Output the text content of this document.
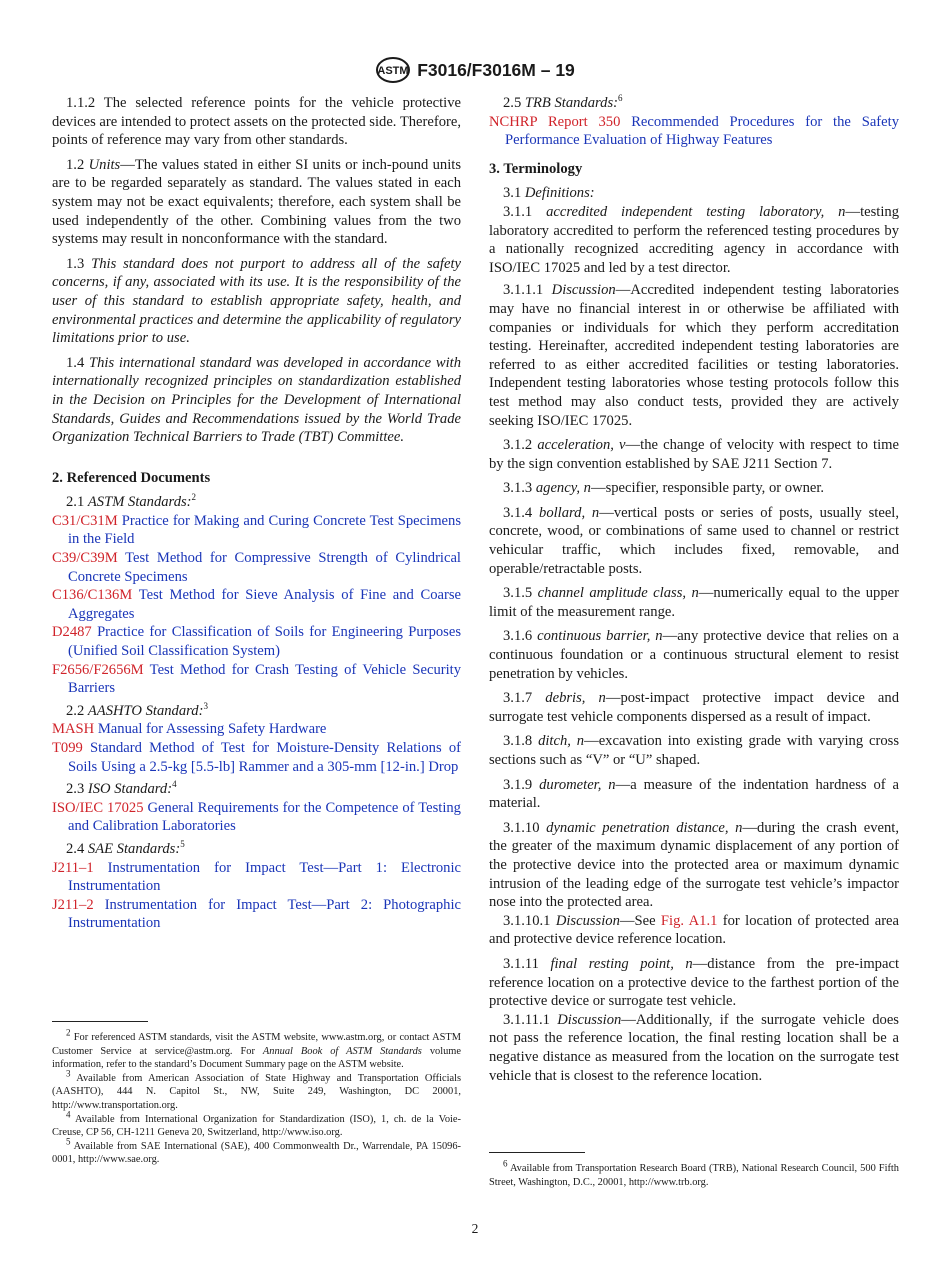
ASTM F3016/F3016M – 19

1.1.2 The selected reference points for the vehicle protective devices are intended to protect assets on the protected side. Therefore, points of reference may vary from other standards.

1.2 Units—The values stated in either SI units or inch-pound units are to be regarded separately as standard. The values stated in each system may not be exact equivalents; therefore, each system shall be used independently of the other. Combining values from the two systems may result in nonconformance with the standard.

1.3 This standard does not purport to address all of the safety concerns, if any, associated with its use. It is the responsibility of the user of this standard to establish appropriate safety, health, and environmental practices and determine the applicability of regulatory limitations prior to use.

1.4 This international standard was developed in accordance with internationally recognized principles on standardization established in the Decision on Principles for the Development of International Standards, Guides and Recommendations issued by the World Trade Organization Technical Barriers to Trade (TBT) Committee.

2. Referenced Documents

2.1 ASTM Standards:$^2$

C31/C31M Practice for Making and Curing Concrete Test Specimens in the Field

C39/C39M Test Method for Compressive Strength of Cylindrical Concrete Specimens

C136/C136M Test Method for Sieve Analysis of Fine and Coarse Aggregates

D2487 Practice for Classification of Soils for Engineering Purposes (Unified Soil Classification System)

F2656/F2656M Test Method for Crash Testing of Vehicle Security Barriers

2.2 AASHTO Standard:$^3$

MASH Manual for Assessing Safety Hardware

T099 Standard Method of Test for Moisture-Density Relations of Soils Using a 2.5-kg [5.5-lb] Rammer and a 305-mm [12-in.] Drop

2.3 ISO Standard:$^4$

ISO/IEC 17025 General Requirements for the Competence of Testing and Calibration Laboratories

2.4 SAE Standards:$^5$

J211–1 Instrumentation for Impact Test—Part 1: Electronic Instrumentation

J211–2 Instrumentation for Impact Test—Part 2: Photographic Instrumentation

$^2$ For referenced ASTM standards, visit the ASTM website, www.astm.org, or contact ASTM Customer Service at service@astm.org. For Annual Book of ASTM Standards volume information, refer to the standard’s Document Summary page on the ASTM website.

$^3$ Available from American Association of State Highway and Transportation Officials (AASHTO), 444 N. Capitol St., NW, Suite 249, Washington, DC 20001, http://www.transportation.org.

$^4$ Available from International Organization for Standardization (ISO), 1, ch. de la Voie-Creuse, CP 56, CH-1211 Geneva 20, Switzerland, http://www.iso.org.

$^5$ Available from SAE International (SAE), 400 Commonwealth Dr., Warrendale, PA 15096-0001, http://www.sae.org.

2.5 TRB Standards:$^6$

NCHRP Report 350 Recommended Procedures for the Safety Performance Evaluation of Highway Features

3. Terminology

3.1 Definitions:

3.1.1 accredited independent testing laboratory, n—testing laboratory accredited to perform the referenced testing procedures by a nationally recognized accrediting agency in accordance with ISO/IEC 17025 and led by a test director.

3.1.1.1 Discussion—Accredited independent testing laboratories may have no financial interest in or otherwise be affiliated with companies or individuals for which they perform accreditation testing. Hereinafter, accredited independent testing laboratories are referred to as either accredited facilities or testing laboratories. Independent testing laboratories whose testing protocols follow this test method may also conduct tests, provided they are actively seeking ISO/IEC 17025.

3.1.2 acceleration, v—the change of velocity with respect to time by the sign convention established by SAE J211 Section 7.

3.1.3 agency, n—specifier, responsible party, or owner.

3.1.4 bollard, n—vertical posts or series of posts, usually steel, concrete, wood, or combinations of same used to channel or restrict vehicular traffic, which includes fixed, removable, and operable/retractable posts.

3.1.5 channel amplitude class, n—numerically equal to the upper limit of the measurement range.

3.1.6 continuous barrier, n—any protective device that relies on a continuous foundation or a continuous structural element to resist penetration by vehicles.

3.1.7 debris, n—post-impact protective impact device and surrogate test vehicle components dispersed as a result of impact.

3.1.8 ditch, n—excavation into existing grade with varying cross sections such as “V” or “U” shaped.

3.1.9 durometer, n—a measure of the indentation hardness of a material.

3.1.10 dynamic penetration distance, n—during the crash event, the greater of the maximum dynamic displacement of any portion of the protective device into the protected area or maximum dynamic intrusion of the leading edge of the surrogate test vehicle’s impactor nose into the protected area.

3.1.10.1 Discussion—See Fig. A1.1 for location of protected area and protective device reference location.

3.1.11 final resting point, n—distance from the pre-impact reference location on a protective device to the farthest portion of the protective device or surrogate test vehicle.

3.1.11.1 Discussion—Additionally, if the surrogate vehicle does not pass the reference location, the final resting location shall be a negative distance as measured from the location on the surrogate test vehicle that is closest to the reference location.

$^6$ Available from Transportation Research Board (TRB), National Research Council, 500 Fifth Street, Washington, D.C., 20001, http://www.trb.org.

2
